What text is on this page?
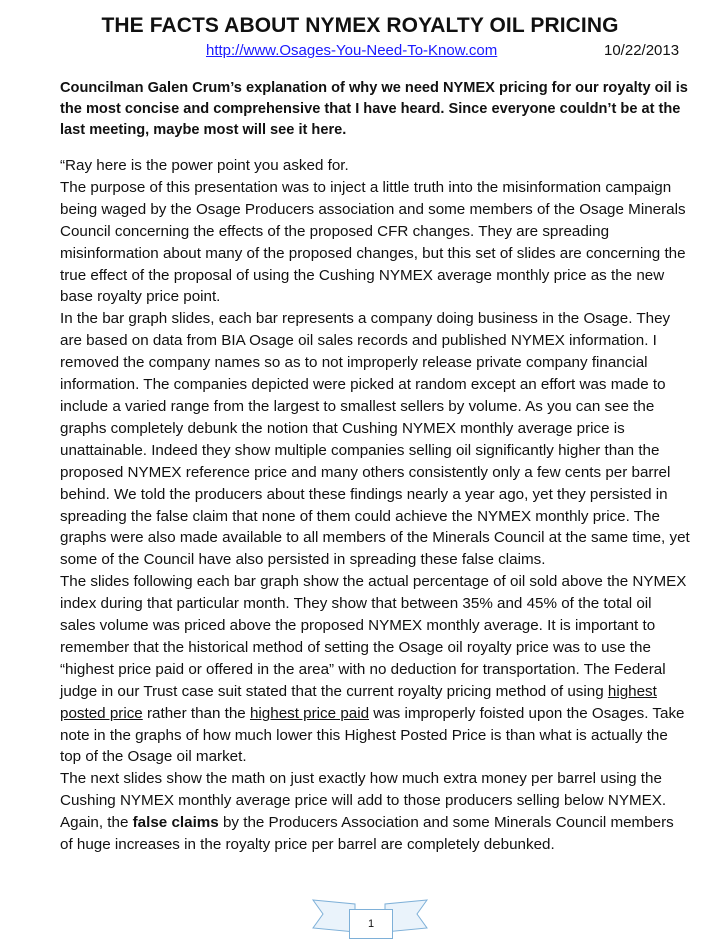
THE FACTS ABOUT NYMEX ROYALTY OIL PRICING
http://www.Osages-You-Need-To-Know.com	10/22/2013

Councilman Galen Crum’s explanation of why we need NYMEX pricing for our royalty oil is the most concise and comprehensive that I have heard. Since everyone couldn’t be at the last meeting, maybe most will see it here.

“Ray here is the power point you asked for.

The purpose of this presentation was to inject a little truth into the misinformation campaign being waged by the Osage Producers association and some members of the Osage Minerals Council concerning the effects of the proposed CFR changes. They are spreading misinformation about many of the proposed changes, but this set of slides are concerning the true effect of the proposal of using the Cushing NYMEX average monthly price as the new base royalty price point.

In the bar graph slides, each bar represents a company doing business in the Osage. They are based on data from BIA Osage oil sales records and published NYMEX information. I removed the company names so as to not improperly release private company financial information. The companies depicted were picked at random except an effort was made to include a varied range from the largest to smallest sellers by volume. As you can see the graphs completely debunk the notion that Cushing NYMEX monthly average price is unattainable. Indeed they show multiple companies selling oil significantly higher than the proposed NYMEX reference price and many others consistently only a few cents per barrel behind. We told the producers about these findings nearly a year ago, yet they persisted in spreading the false claim that none of them could achieve the NYMEX monthly price. The graphs were also made available to all members of the Minerals Council at the same time, yet some of the Council have also persisted in spreading these false claims.

The slides following each bar graph show the actual percentage of oil sold above the NYMEX index during that particular month. They show that between 35% and 45% of the total oil sales volume was priced above the proposed NYMEX monthly average. It is important to remember that the historical method of setting the Osage oil royalty price was to use the “highest price paid or offered in the area” with no deduction for transportation. The Federal judge in our Trust case suit stated that the current royalty pricing method of using highest posted price rather than the highest price paid was improperly foisted upon the Osages. Take note in the graphs of how much lower this Highest Posted Price is than what is actually the top of the Osage oil market.

The next slides show the math on just exactly how much extra money per barrel using the Cushing NYMEX monthly average price will add to those producers selling below NYMEX. Again, the false claims by the Producers Association and some Minerals Council members of huge increases in the royalty price per barrel are completely debunked.

1
